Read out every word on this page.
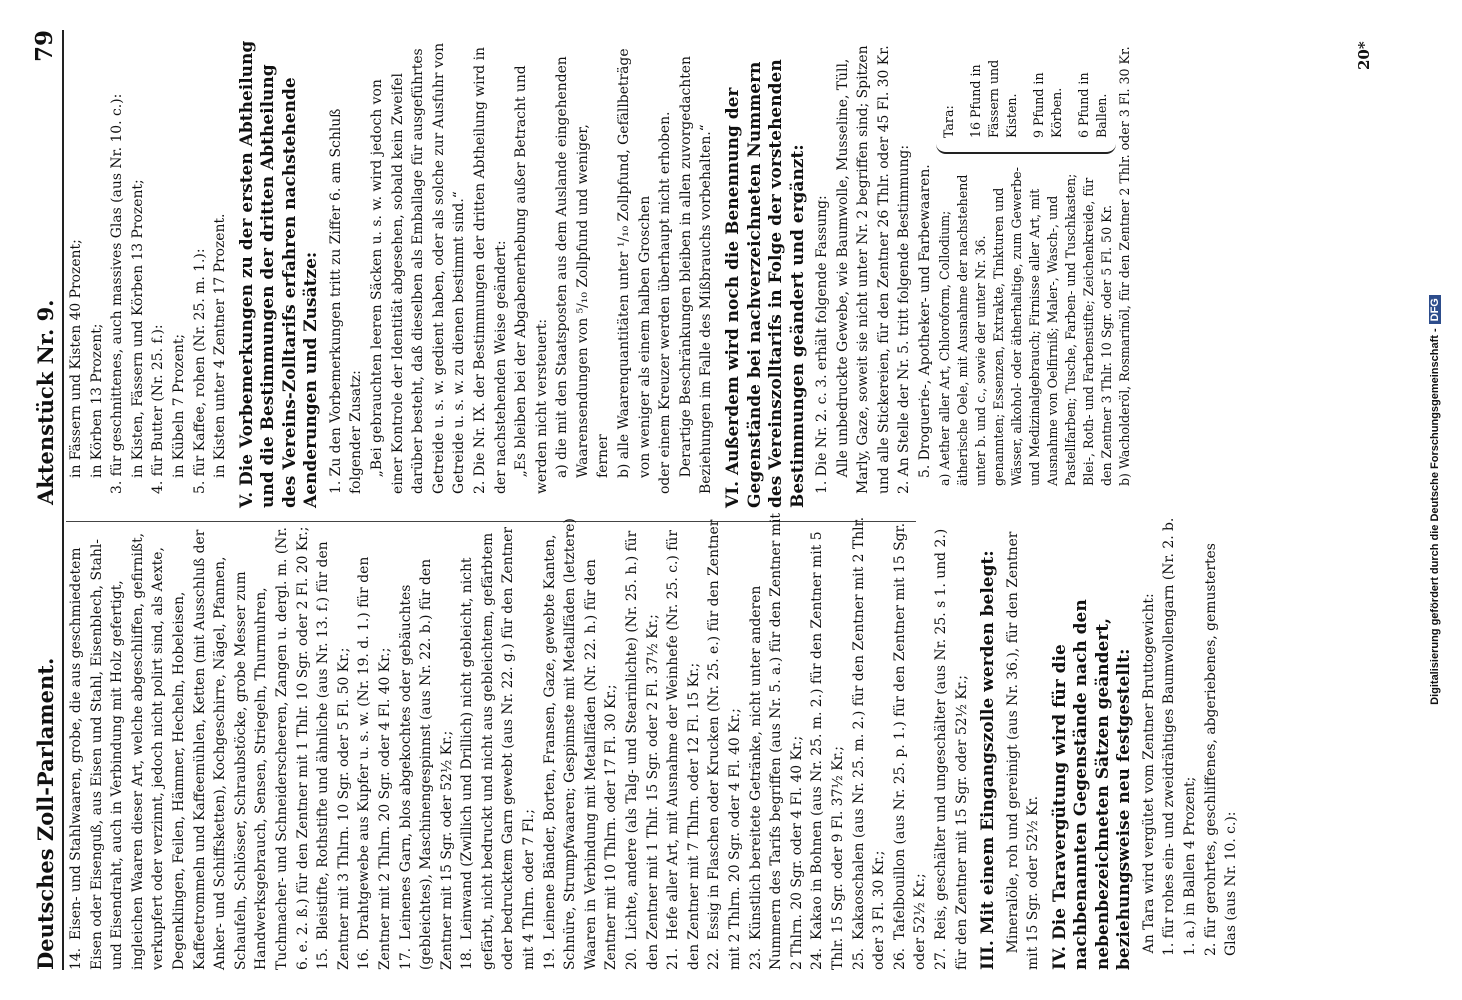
Deutsches Zoll-Parlament.
Aktenstück Nr. 9.
79
14.Eisen- und Stahlwaaren, grobe, die aus geschmiedetem Eisen oder Eisenguß, aus Eisen und Stahl, Eisenblech, Stahl- und Eisendraht, auch in Verbindung mit Holz gefertigt, ingleichen Waaren dieser Art, welche abgeschliffen, gefirnißt, verkupfert oder verzinnt, jedoch nicht polirt sind, als Aexte, Degenklingen, Feilen, Hämmer, Hecheln, Hobeleisen, Kaffeetrommeln und Kaffeemühlen, Ketten (mit Ausschluß der Anker- und Schiffsketten), Kochgeschirre, Nägel, Pfannen, Schaufeln, Schlösser, Schraubstöcke, grobe Messer zum Handwerksgebrauch, Sensen, Striegeln, Thurmuhren, Tuchmacher- und Schneiderscheeren, Zangen u. dergl. m. (Nr. 6. e. 2. ß.) für den Zentner mit 1 Thlr. 10 Sgr. oder 2 Fl. 20 Kr.; 15.Bleistifte, Rothstifte und ähnliche (aus Nr. 13. f.) für den Zentner mit 3 Thlrn. 10 Sgr. oder 5 Fl. 50 Kr.; 16.Drahtgewebe aus Kupfer u. s. w. (Nr. 19. d. 1.) für den Zentner mit 2 Thlrn. 20 Sgr. oder 4 Fl. 40 Kr.; 17.Leinenes Garn, blos abgekochtes oder gebäuchtes (gebleichtes), Maschinengespinnst (aus Nr. 22. b.) für den Zentner mit 15 Sgr. oder 52½ Kr.; 18.Leinwand (Zwillich und Drillich) nicht gebleicht, nicht gefärbt, nicht bedruckt und nicht aus gebleichtem, gefärbtem oder bedrucktem Garn gewebt (aus Nr. 22. g.) für den Zentner mit 4 Thlrn. oder 7 Fl.; 19.Leinene Bänder, Borten, Fransen, Gaze, gewebte Kanten, Schnüre, Strumpfwaaren; Gespinnste mit Metallfäden (letztere) Waaren in Verbindung mit Metallfäden (Nr. 22. h.) für den Zentner mit 10 Thlrn. oder 17 Fl. 30 Kr.; 20.Lichte, andere (als Talg- und Stearinlichte) (Nr. 25. h.) für den Zentner mit 1 Thlr. 15 Sgr. oder 2 Fl. 37½ Kr.; 21.Hefe aller Art, mit Ausnahme der Weinhefe (Nr. 25. c.) für den Zentner mit 7 Thlrn. oder 12 Fl. 15 Kr.; 22.Essig in Flaschen oder Krucken (Nr. 25. e.) für den Zentner mit 2 Thlrn. 20 Sgr. oder 4 Fl. 40 Kr.; 23.Künstlich bereitete Getränke, nicht unter anderen Nummern des Tarifs begriffen (aus Nr. 5. a.) für den Zentner mit 2 Thlrn. 20 Sgr. oder 4 Fl. 40 Kr.; 24.Kakao in Bohnen (aus Nr. 25. m. 2.) für den Zentner mit 5 Thlr. 15 Sgr. oder 9 Fl. 37½ Kr.; 25.Kakaoschalen (aus Nr. 25. m. 2.) für den Zentner mit 2 Thlr. oder 3 Fl. 30 Kr.; 26.Tafelbouillon (aus Nr. 25. p. 1.) für den Zentner mit 15 Sgr. oder 52½ Kr.; 27.Reis, geschälter und ungeschälter (aus Nr. 25. s 1. und 2.) für den Zentner mit 15 Sgr. oder 52½ Kr.; III. Mit einem Eingangszolle werden belegt: Mineralöle, roh und gereinigt (aus Nr. 36.), für den Zentner mit 15 Sgr. oder 52½ Kr. IV. Die Taravergütung wird für die nachbenannten Gegenstände nach den nebenbezeichneten Sätzen geändert, beziehungsweise neu festgestellt: An Tara wird vergütet vom Zentner Bruttogewicht: 1. für rohes ein- und zweidrähtiges Baumwollengarn (Nr. 2. b. 1. a.) in Ballen 4 Prozent; 2. für gerohrtes, geschliffenes, abgeriebenes, gemustertes Glas (aus Nr. 10. c.):
in Fässern und Kisten 40 Prozent; in Körben 13 Prozent; 3. für geschnittenes, auch massives Glas (aus Nr. 10. c.): in Kisten, Fässern und Körben 13 Prozent; 4. für Butter (Nr. 25. f.): in Kübeln 7 Prozent; 5. für Kaffee, rohen (Nr. 25. m. 1.): in Kisten unter 4 Zentner 17 Prozent. V. Die Vorbemerkungen zu der ersten Abtheilung und die Bestimmungen der dritten Abtheilung des Vereins-Zolltarifs erfahren nachstehende Aenderungen und Zusätze: 1. Zu den Vorbemerkungen tritt zu Ziffer 6. am Schluß folgender Zusatz: „Bei gebrauchten leeren Säcken u. s. w. wird jedoch von einer Kontrole der Identität abgesehen, sobald kein Zweifel darüber besteht, daß dieselben als Emballage für ausgeführtes Getreide u. s. w. gedient haben, oder als solche zur Ausfuhr von Getreide u. s. w. zu dienen bestimmt sind.“ 2. Die Nr. IX. der Bestimmungen der dritten Abtheilung wird in der nachstehenden Weise geändert: „Es bleiben bei der Abgabenerhebung außer Betracht und werden nicht versteuert: a) die mit den Staatsposten aus dem Auslande eingehenden Waarensendungen von ⁵/₁₀ Zollpfund und weniger, ferner b) alle Waarenquantitäten unter ¹/₁₀ Zollpfund, Gefällbeträge von weniger als einem halben Groschen oder einem Kreuzer werden überhaupt nicht erhoben. Derartige Beschränkungen bleiben in allen zuvorgedachten Beziehungen im Falle des Mißbrauchs vorbehalten.“ VI. Außerdem wird noch die Benennung der Gegenstände bei nachverzeichneten Nummern des Vereinszolltarifs in Folge der vorstehenden Bestimmungen geändert und ergänzt: 1. Die Nr. 2. c. 3. erhält folgende Fassung: Alle unbedruckte Gewebe, wie Baumwolle, Musseline, Tüll, Marly, Gaze, soweit sie nicht unter Nr. 2 begriffen sind; Spitzen und alle Stickereien, für den Zentner 26 Thlr. oder 45 Fl. 30 Kr. 2. An Stelle der Nr. 5. tritt folgende Bestimmung: 5. Droguerie-, Apotheker- und Farbewaaren. a) Aether aller Art, Chloroform, Collodium; ätherische Oele, mit Ausnahme der nachstehend unter b. und c., sowie der unter Nr. 36. genannten; Essenzen, Extrakte, Tinkturen und Wässer, alkohol- oder ätherhaltige, zum Gewerbe- und Medizinalgebrauch; Firnisse aller Art, mit Ausnahme von Oelfirniß; Maler-, Wasch-, und Pastellfarben; Tusche, Farben- und Tuschkasten; Blei-, Roth- und Farbenstifte; Zeichenkreide, für den Zentner 3 Thlr. 10 Sgr. oder 5 Fl. 50 Kr.
Tara: 16 Pfund in Fässern und Kisten. 9 Pfund in Körben. 6 Pfund in Ballen. b) Wacholderöl, Rosmarinöl, für den Zentner 2 Thlr. oder 3 Fl. 30 Kr.	20*
Digitalisierung gefördert durch die Deutsche Forschungsgemeinschaft -DFG
